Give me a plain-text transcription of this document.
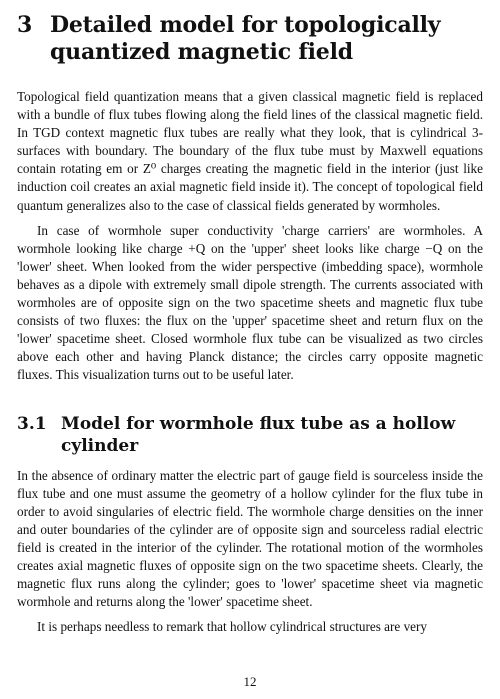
3 Detailed model for topologically quantized magnetic field

Topological field quantization means that a given classical magnetic field is replaced with a bundle of flux tubes flowing along the field lines of the classical magnetic field. In TGD context magnetic flux tubes are really what they look, that is cylindrical 3-surfaces with boundary. The boundary of the flux tube must by Maxwell equations contain rotating em or Z⁰ charges creating the magnetic field in the interior (just like induction coil creates an axial magnetic field inside it). The concept of topological field quantum generalizes also to the case of classical fields generated by wormholes.

In case of wormhole super conductivity 'charge carriers' are wormholes. A wormhole looking like charge +Q on the 'upper' sheet looks like charge −Q on the 'lower' sheet. When looked from the wider perspective (imbedding space), wormhole behaves as a dipole with extremely small dipole strength. The currents associated with wormholes are of opposite sign on the two spacetime sheets and magnetic flux tube consists of two fluxes: the flux on the 'upper' spacetime sheet and return flux on the 'lower' spacetime sheet. Closed wormhole flux tube can be visualized as two circles above each other and having Planck distance; the circles carry opposite magnetic fluxes. This visualization turns out to be useful later.

3.1 Model for wormhole flux tube as a hollow cylinder

In the absence of ordinary matter the electric part of gauge field is sourceless inside the flux tube and one must assume the geometry of a hollow cylinder for the flux tube in order to avoid singularies of electric field. The wormhole charge densities on the inner and outer boundaries of the cylinder are of opposite sign and sourceless radial electric field is created in the interior of the cylinder. The rotational motion of the wormholes creates axial magnetic fluxes of opposite sign on the two spacetime sheets. Clearly, the magnetic flux runs along the cylinder; goes to 'lower' spacetime sheet via magnetic wormhole and returns along the 'lower' spacetime sheet.

It is perhaps needless to remark that hollow cylindrical structures are very

12
